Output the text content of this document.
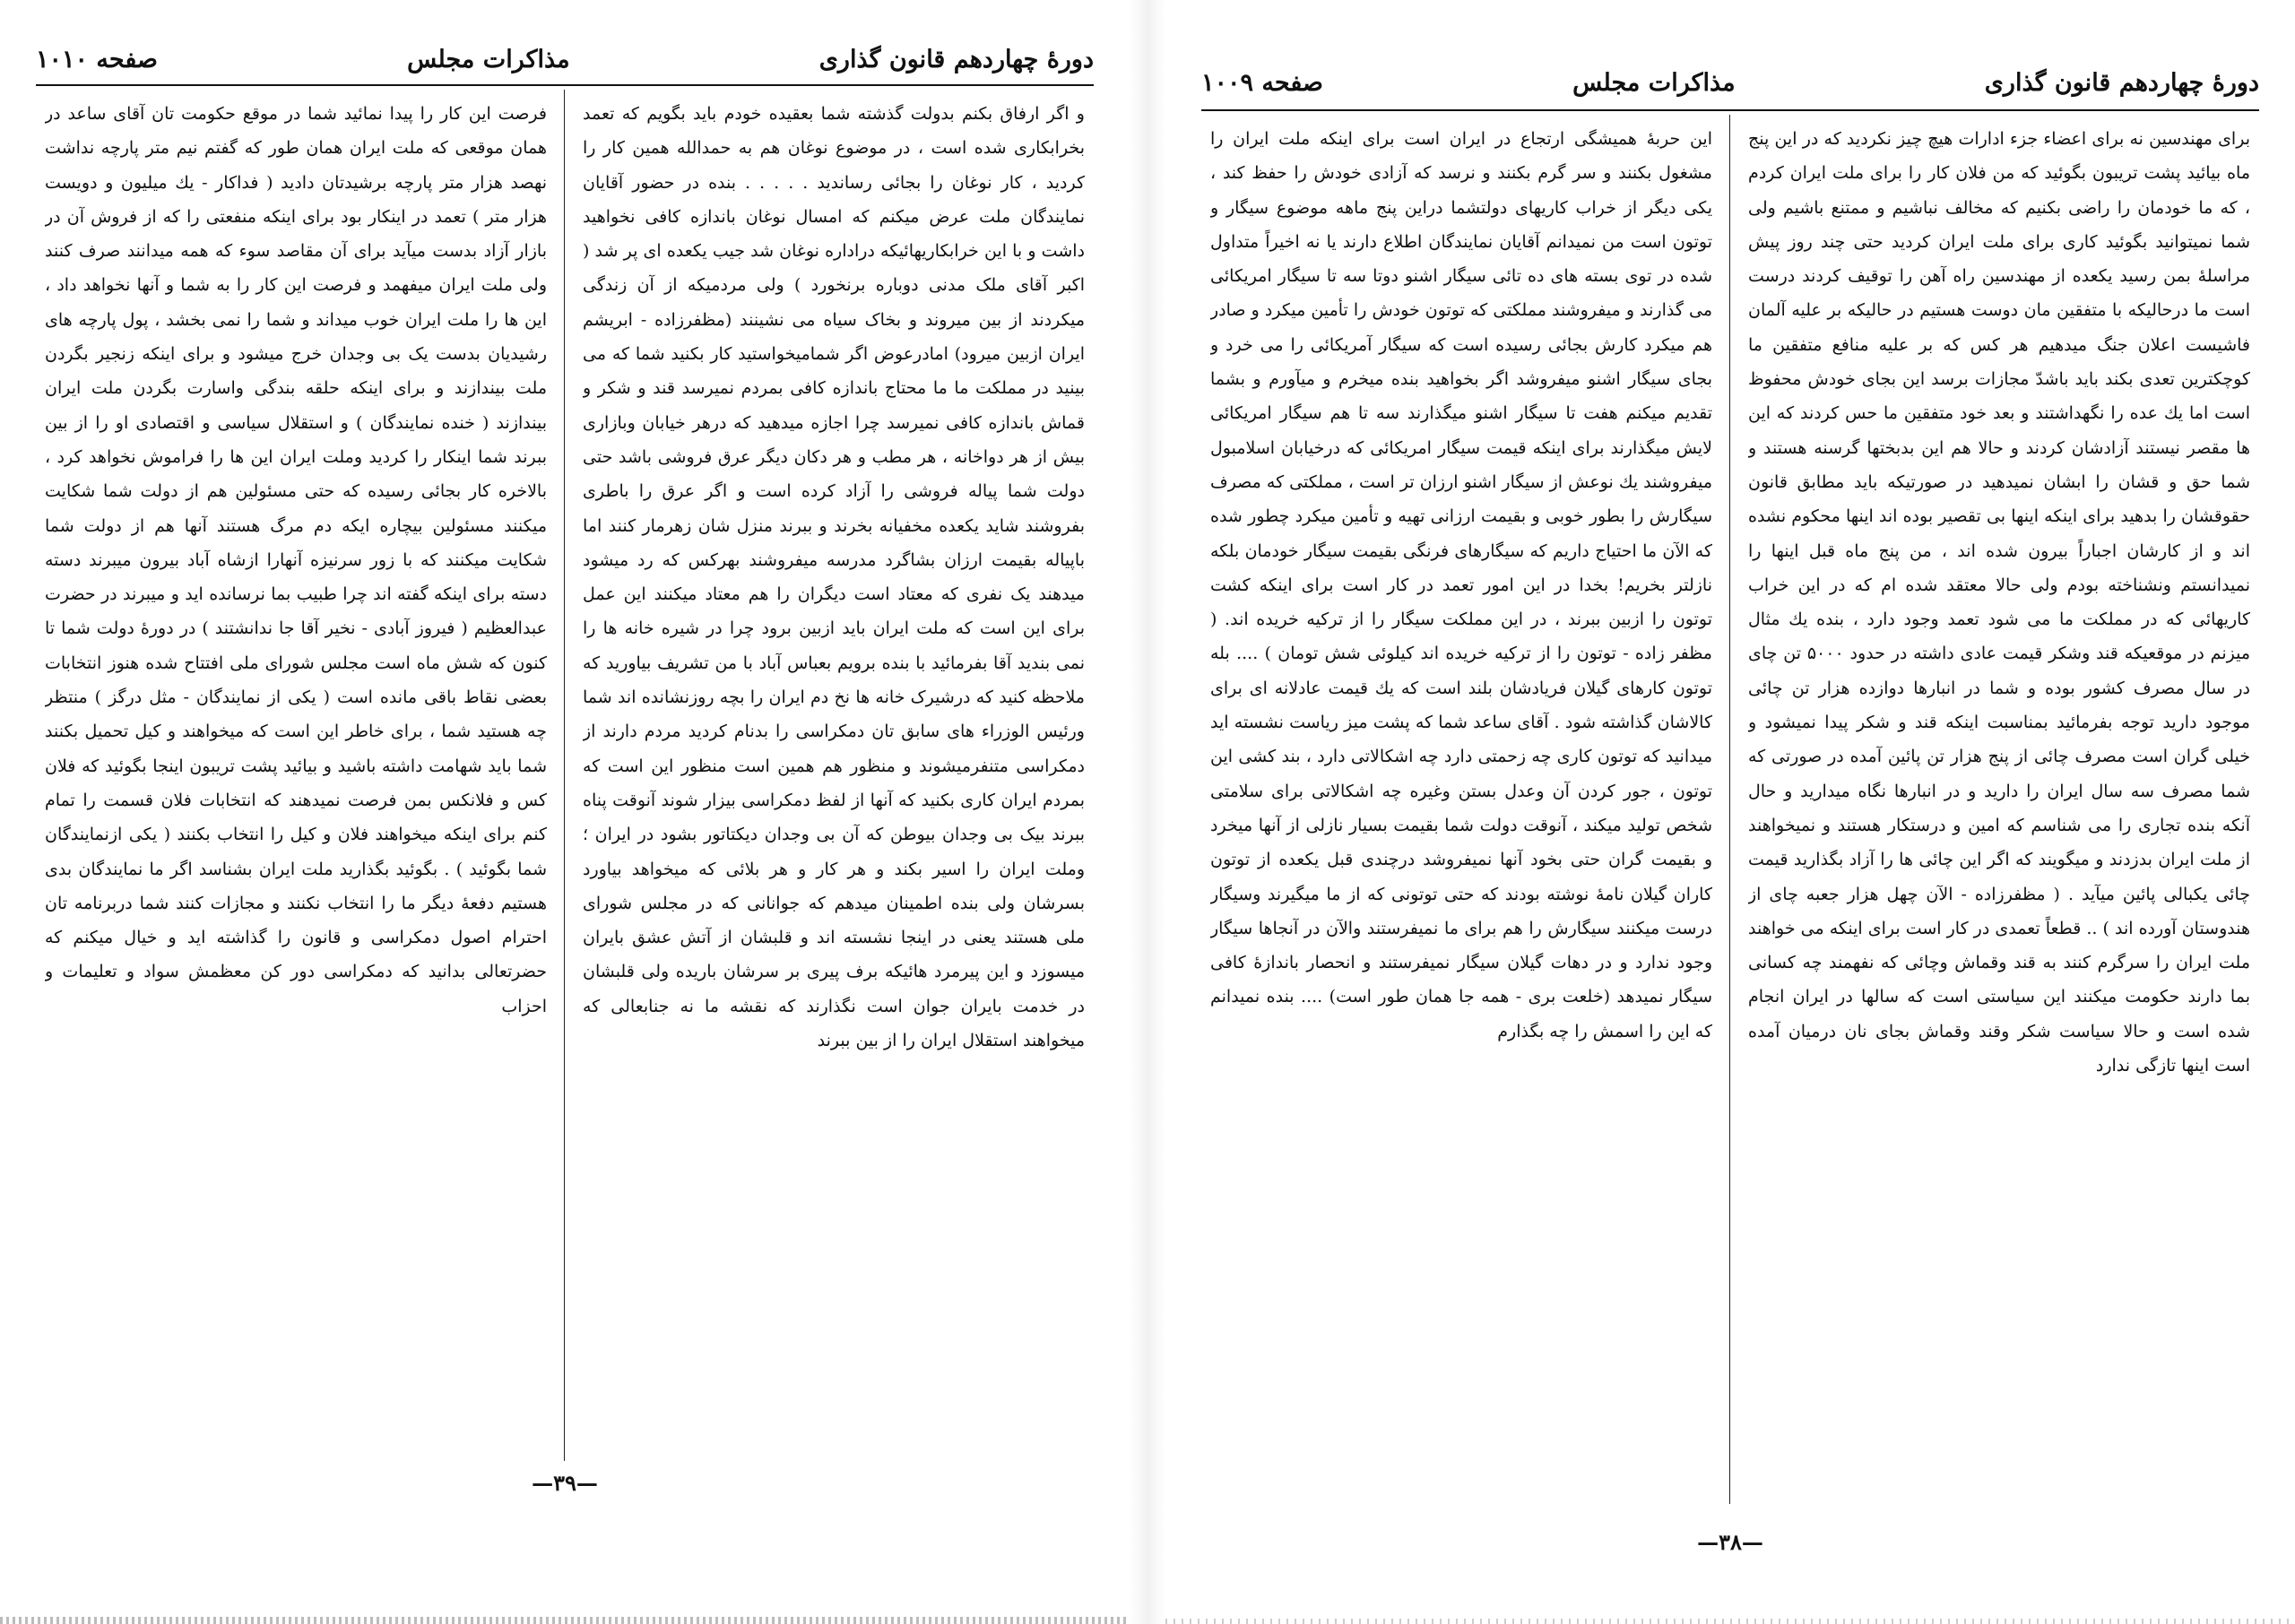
دورهٔ چهاردهم قانون گذاری
مذاکرات مجلس
صفحه ۱۰۱۰

و اگر ارفاق بکنم بدولت گذشته شما بعقیده خودم باید بگویم که تعمد بخرابکاری شده است ، در موضوع نوغان هم به حمدالله همین کار را کردید ، کار نوغان را بجائی رساندید . . . . . بنده در حضور آقایان نمایندگان ملت عرض میکنم که امسال نوغان باندازه کافی نخواهید داشت و با این خرابکاریهائیکه دراداره نوغان شد جیب یکعده ای پر شد ( اکبر آقای ملک مدنی دوباره برنخورد ) ولی مردمیکه از آن زندگی میکردند از بین میروند و بخاک سیاه می نشینند (مظفرزاده - ابریشم ایران ازبین میرود) امادرعوض اگر شمامیخواستید کار بکنید شما که می بینید در مملکت ما ما محتاج باندازه کافی بمردم نمیرسد قند و شکر و قماش باندازه کافی نمیرسد چرا اجازه میدهید که درهر خیابان وبازاری بیش از هر دواخانه ، هر مطب و هر دکان دیگر عرق فروشی باشد حتی دولت شما پیاله فروشی را آزاد کرده است و اگر عرق را باطری بفروشند شاید یکعده مخفیانه بخرند و ببرند منزل شان زهرمار کنند اما باپیاله بقیمت ارزان بشاگرد مدرسه میفروشند بهرکس که رد میشود میدهند یک نفری که معتاد است دیگران را هم معتاد میکنند این عمل برای این است که ملت ایران باید ازبین برود چرا در شیره خانه ها را نمی بندید آقا بفرمائید با بنده برویم بعباس آباد با من تشریف بیاورید که ملاحظه کنید که درشیرک خانه ها نخ دم ایران را بچه روزنشانده اند شما ورئیس الوزراء های سابق تان دمکراسی را بدنام کردید مردم دارند از دمکراسی متنفرمیشوند و منظور هم همین است منظور این است که بمردم ایران کاری بکنید که آنها از لفظ دمکراسی بیزار شوند آنوقت پناه ببرند بیک بی وجدان بیوطن که آن بی وجدان دیکتاتور بشود در ایران ؛ وملت ایران را اسیر بکند و هر کار و هر بلائی که میخواهد بیاورد بسرشان ولی بنده اطمینان میدهم که جوانانی که در مجلس شورای ملی هستند یعنی در اینجا نشسته اند و قلبشان از آتش عشق بایران میسوزد و این پیرمرد هائیکه برف پیری بر سرشان باریده ولی قلبشان در خدمت بایران جوان است نگذارند که نقشه ما نه جنابعالی که میخواهند استقلال ایران را از بین ببرند

فرصت این کار را پیدا نمائید شما در موقع حکومت تان آقای ساعد در همان موقعی که ملت ایران همان طور که گفتم نیم متر پارچه نداشت نهصد هزار متر پارچه برشیدتان دادید ( فداکار - یك میلیون و دویست هزار متر ) تعمد در اینکار بود برای اینکه منفعتی را که از فروش آن در بازار آزاد بدست میآید برای آن مقاصد سوء که همه میدانند صرف کنند ولی ملت ایران میفهمد و فرصت این کار را به شما و آنها نخواهد داد ، این ها را ملت ایران خوب میداند و شما را نمی بخشد ، پول پارچه های رشیدیان بدست یک بی وجدان خرج میشود و برای اینکه زنجیر بگردن ملت بیندازند و برای اینکه حلقه بندگی واسارت بگردن ملت ایران بیندازند ( خنده نمایندگان ) و استقلال سیاسی و اقتصادی او را از بین ببرند شما اینکار را کردید وملت ایران این ها را فراموش نخواهد کرد ، بالاخره کار بجائی رسیده که حتی مسئولین هم از دولت شما شکایت میکنند مسئولین بیچاره ایکه دم مرگ هستند آنها هم از دولت شما شکایت میکنند که با زور سرنیزه آنهارا ازشاه آباد بیرون میبرند دسته دسته برای اینکه گفته اند چرا طبیب بما نرسانده اید و میبرند در حضرت عبدالعظیم ( فیروز آبادی - نخیر آقا جا ندانشتند ) در دورهٔ دولت شما تا کنون که شش ماه است مجلس شورای ملی افتتاح شده هنوز انتخابات بعضی نقاط باقی مانده است ( یکی از نمایندگان - مثل درگز ) منتظر چه هستید شما ، برای خاطر این است که میخواهند و کیل تحمیل بکنند شما باید شهامت داشته باشید و بیائید پشت تریبون اینجا بگوئید که فلان کس و فلانکس بمن فرصت نمیدهند که انتخابات فلان قسمت را تمام کنم برای اینکه میخواهند فلان و کیل را انتخاب بکنند ( یکی ازنمایندگان شما بگوئید ) . بگوئید بگذارید ملت ایران بشناسد اگر ما نمایندگان بدی هستیم دفعهٔ دیگر ما را انتخاب نکنند و مجازات کنند شما دربرنامه تان احترام اصول دمکراسی و قانون را گذاشته اید و خیال میکنم که حضرتعالی بدانید که دمکراسی دور کن معظمش سواد و تعلیمات و احزاب

—۳۹—
دورهٔ چهاردهم قانون گذاری
مذاکرات مجلس
صفحه ۱۰۰۹

برای مهندسین نه برای اعضاء جزء ادارات هیچ چیز نکردید که در این پنج ماه بیائید پشت تریبون بگوئید که من فلان کار را برای ملت ایران کردم ، که ما خودمان را راضی بکنیم که مخالف نباشیم و ممتنع باشیم ولی شما نمیتوانید بگوئید کاری برای ملت ایران کردید حتی چند روز پیش مراسلهٔ بمن رسید یکعده از مهندسین راه آهن را توقیف کردند درست است ما درحالیکه با متفقین مان دوست هستیم در حالیکه بر علیه آلمان فاشیست اعلان جنگ میدهیم هر کس که بر علیه منافع متفقین ما کوچکترین تعدی بکند باید باشدّ مجازات برسد این بجای خودش محفوظ است اما یك عده را نگهداشتند و بعد خود متفقین ما حس کردند که این ها مقصر نیستند آزادشان کردند و حالا هم این بدبختها گرسنه هستند و شما حق و قشان را ابشان نمیدهید در صورتیکه باید مطابق قانون حقوقشان را بدهید برای اینکه اینها بی تقصیر بوده اند اینها محکوم نشده اند و از کارشان اجباراً بیرون شده اند ، من پنج ماه قبل اینها را نمیدانستم ونشناخته بودم ولی حالا معتقد شده ام که در این خراب کاریهائی که در مملکت ما می شود تعمد وجود دارد ، بنده یك مثال میزنم در موقعیکه قند وشکر قیمت عادی داشته در حدود ۵۰۰۰ تن چای در سال مصرف کشور بوده و شما در انبارها دوازده هزار تن چائی موجود دارید توجه بفرمائید بمناسبت اینکه قند و شکر پیدا نمیشود و خیلی گران است مصرف چائی از پنج هزار تن پائین آمده در صورتی که شما مصرف سه سال ایران را دارید و در انبارها نگاه میدارید و حال آنکه بنده تجاری را می شناسم که امین و درستکار هستند و نمیخواهند از ملت ایران بدزدند و میگویند که اگر این چائی ها را آزاد بگذارید قیمت چائی یکبالی پائین میآید . ( مظفرزاده - الآن چهل هزار جعبه چای از هندوستان آورده اند ) .. قطعاً تعمدی در کار است برای اینکه می خواهند ملت ایران را سرگرم کنند به قند وقماش وچائی که نفهمند چه کسانی بما دارند حکومت میکنند این سیاستی است که سالها در ایران انجام شده است و حالا سیاست شکر وقند وقماش بجای نان درمیان آمده است اینها تازگی ندارد

این حربهٔ همیشگی ارتجاع در ایران است برای اینکه ملت ایران را مشغول بکنند و سر گرم بکنند و نرسد که آزادی خودش را حفظ کند ، یکی دیگر از خراب کاریهای دولتشما دراین پنج ماهه موضوع سیگار و توتون است من نمیدانم آقایان نمایندگان اطلاع دارند یا نه اخیراً متداول شده در توی بسته های ده تائی سیگار اشنو دوتا سه تا سیگار امریکائی می گذارند و میفروشند مملکتی که توتون خودش را تأمین میکرد و صادر هم میکرد کارش بجائی رسیده است که سیگار آمریکائی را می خرد و بجای سیگار اشنو میفروشد اگر بخواهید بنده میخرم و میآورم و بشما تقدیم میکنم هفت تا سیگار اشنو میگذارند سه تا هم سیگار امریکائی لایش میگذارند برای اینکه قیمت سیگار امریکائی که درخیابان اسلامبول میفروشند یك نوعش از سیگار اشنو ارزان تر است ، مملکتی که مصرف سیگارش را بطور خوبی و بقیمت ارزانی تهیه و تأمین میکرد چطور شده که الآن ما احتیاج داریم که سیگارهای فرنگی بقیمت سیگار خودمان بلکه نازلتر بخریم! بخدا در این امور تعمد در کار است برای اینکه کشت توتون را ازبین ببرند ، در این مملکت سیگار را از ترکیه خریده اند. ( مظفر زاده - توتون را از ترکیه خریده اند کیلوئی شش تومان ) .... بله توتون کارهای گیلان فریادشان بلند است که یك قیمت عادلانه ای برای کالاشان گذاشته شود . آقای ساعد شما که پشت میز ریاست نشسته اید میدانید که توتون کاری چه زحمتی دارد چه اشکالاتی دارد ، بند کشی این توتون ، جور کردن آن وعدل بستن وغیره چه اشکالاتی برای سلامتی شخص تولید میکند ، آنوقت دولت شما بقیمت بسیار نازلی از آنها میخرد و بقیمت گران حتی بخود آنها نمیفروشد درچندی قبل یکعده از توتون کاران گیلان نامهٔ نوشته بودند که حتی توتونی که از ما میگیرند وسیگار درست میکنند سیگارش را هم برای ما نمیفرستند والآن در آنجاها سیگار وجود ندارد و در دهات گیلان سیگار نمیفرستند و انحصار باندازهٔ کافی سیگار نمیدهد (خلعت بری - همه جا همان طور است) .... بنده نمیدانم که این را اسمش را چه بگذارم

—۳۸—
